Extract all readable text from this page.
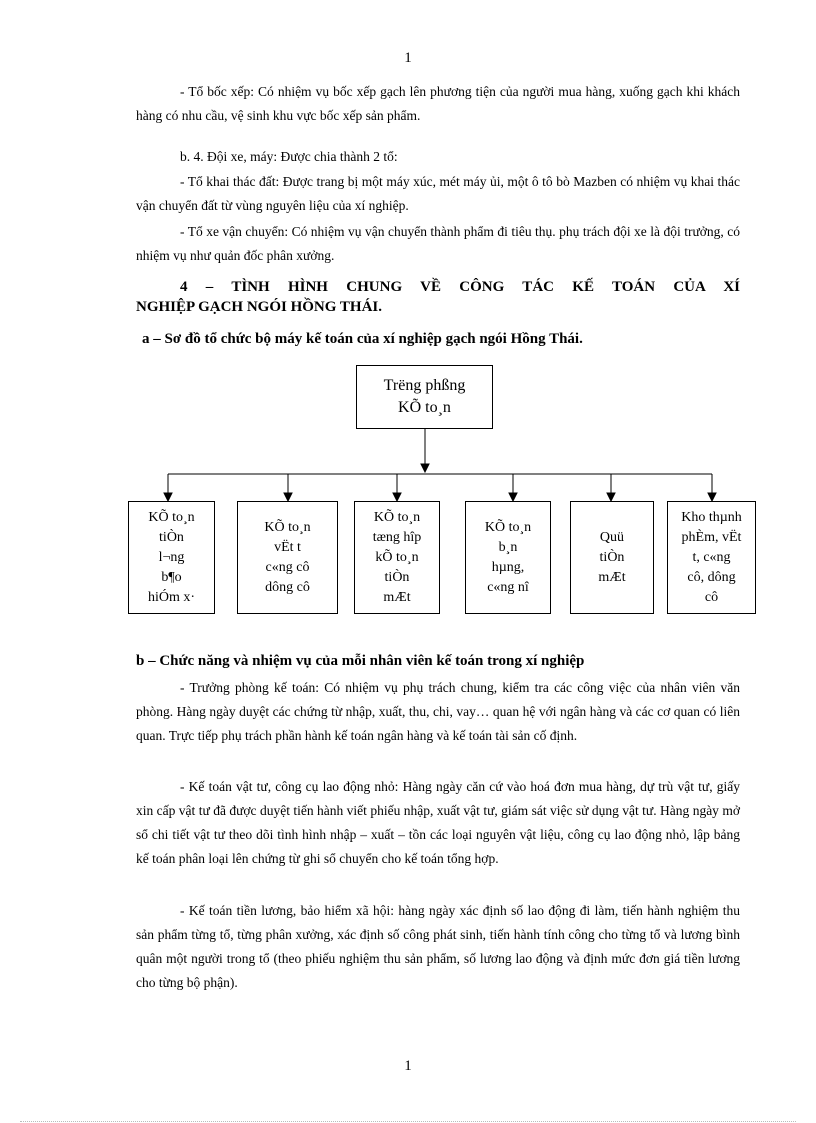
1

- Tổ bốc xếp: Có nhiệm vụ bốc xếp gạch lên phương tiện của người mua hàng, xuống gạch khi khách hàng có nhu cầu, vệ sinh khu vực bốc xếp sản phẩm.

b. 4. Đội xe, máy: Được chia thành 2 tổ:

- Tổ khai thác đất: Được trang bị một máy xúc, mét máy ủi, một ô tô bò Mazben có nhiệm vụ khai thác vận chuyển đất từ vùng nguyên liệu của xí nghiệp.

- Tổ xe vận chuyển: Có nhiệm vụ vận chuyển thành phẩm đi tiêu thụ. phụ trách đội xe là đội trưởng, có nhiệm vụ như quản đốc phân xưởng.

4 – TÌNH HÌNH CHUNG VỀ CÔNG TÁC KẾ TOÁN CỦA XÍ
NGHIỆP GẠCH NGÓI HỒNG THÁI.
a – Sơ đồ tổ chức bộ máy kế toán của xí nghiệp gạch ngói Hồng Thái.
Trëng phßng
KÕ to¸n
KÕ to¸n
tiÒn
l¬ng
b¶o
hiÓm x·
KÕ to¸n
vËt t
c«ng cô
dông cô
KÕ to¸n
tæng hîp
kÕ to¸n
tiÒn
mÆt
KÕ to¸n
b¸n
hµng,
c«ng nî
Quü
tiÒn
mÆt
Kho thµnh
phÈm, vËt
t, c«ng
cô, dông
cô
b – Chức năng và nhiệm vụ của mỗi nhân viên kế toán trong xí nghiệp

- Trưởng phòng kế toán: Có nhiệm vụ phụ trách chung, kiểm tra các công việc của nhân viên văn phòng. Hàng ngày duyệt các chứng từ nhập, xuất, thu, chi, vay… quan hệ với ngân hàng và các cơ quan có liên quan. Trực tiếp phụ trách phần hành kế toán ngân hàng và kế toán tài sản cố định.

- Kế toán vật tư, công cụ lao động nhỏ: Hàng ngày căn cứ vào hoá đơn mua hàng, dự trù vật tư, giấy xin cấp vật tư đã được duyệt tiến hành viết phiếu nhập, xuất vật tư, giám sát việc sử dụng vật tư. Hàng ngày mở sổ chi tiết vật tư theo dõi tình hình nhập – xuất – tồn các loại nguyên vật liệu, công cụ lao động nhỏ, lập bảng kế toán phân loại lên chứng từ ghi sổ chuyển cho kế toán tổng hợp.

- Kế toán tiền lương, bảo hiểm xã hội: hàng ngày xác định số lao động đi làm, tiến hành nghiệm thu sản phẩm từng tổ, từng phân xưởng, xác định số công phát sinh, tiến hành tính công cho từng tổ và lương bình quân một người trong tổ (theo phiếu nghiệm thu sản phẩm, số lương lao động và định mức đơn giá tiền lương cho từng bộ phận).

1
